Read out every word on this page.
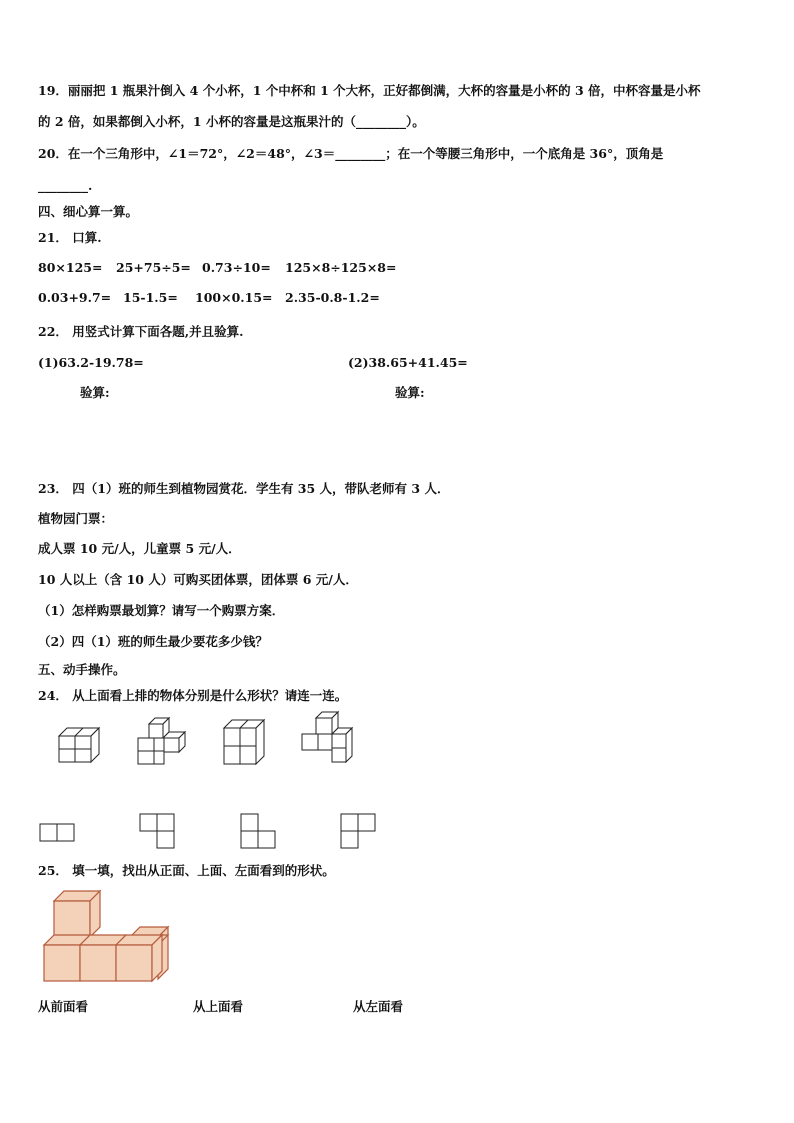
19．丽丽把 1 瓶果汁倒入 4 个小杯，1 个中杯和 1 个大杯，正好都倒满，大杯的容量是小杯的 3 倍，中杯容量是小杯
的 2 倍，如果都倒入小杯，1 小杯的容量是这瓶果汁的（________）。
20．在一个三角形中，∠1＝72°，∠2＝48°，∠3＝________；在一个等腰三角形中，一个底角是 36°，顶角是
________.
四、细心算一算。
21． 口算.
80×125= 25+75÷5= 0.73÷10= 125×8÷125×8=
0.03+9.7= 15-1.5= 100×0.15= 2.35-0.8-1.2=
22． 用竖式计算下面各题,并且验算.
(1)63.2-19.78=	(2)38.65+41.45=
验算:	验算:
23． 四（1）班的师生到植物园赏花．学生有 35 人，带队老师有 3 人．
植物园门票：
成人票 10 元/人，儿童票 5 元/人．
10 人以上（含 10 人）可购买团体票，团体票 6 元/人．
（1）怎样购票最划算？请写一个购票方案．
（2）四（1）班的师生最少要花多少钱？
五、动手操作。
24． 从上面看上排的物体分别是什么形状？请连一连。
25． 填一填，找出从正面、上面、左面看到的形状。
从前面看	从上面看	从左面看
